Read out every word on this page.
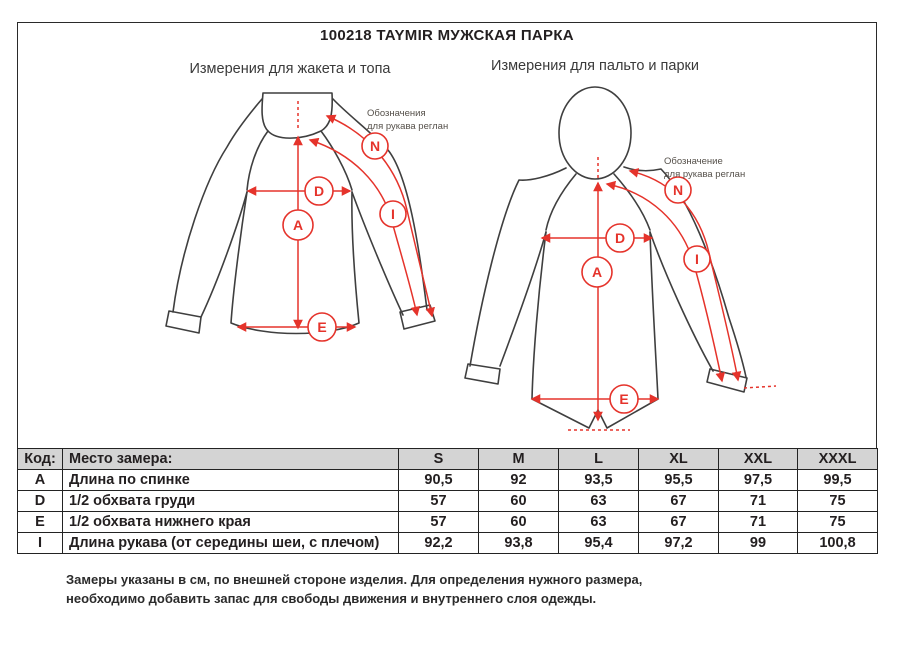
100218 TAYMIR МУЖСКАЯ ПАРКА
Измерения для жакета и топа	Измерения для пальто и парки
A
D
E
N
I
Обозначения
для рукава реглан
A
D
E
N
I
Обозначение
для рукава реглан
Код:	Место замера:	S	M	L	XL	XXL	XXXL
A	Длина по спинке	90,5	92	93,5	95,5	97,5	99,5
D	1/2 обхвата груди	57	60	63	67	71	75
E	1/2 обхвата нижнего края	57	60	63	67	71	75
I	Длина рукава (от середины шеи, с плечом)	92,2	93,8	95,4	97,2	99	100,8
Замеры указаны в см, по внешней стороне изделия. Для определения нужного размера,
необходимо добавить запас для свободы движения и внутреннего слоя одежды.
